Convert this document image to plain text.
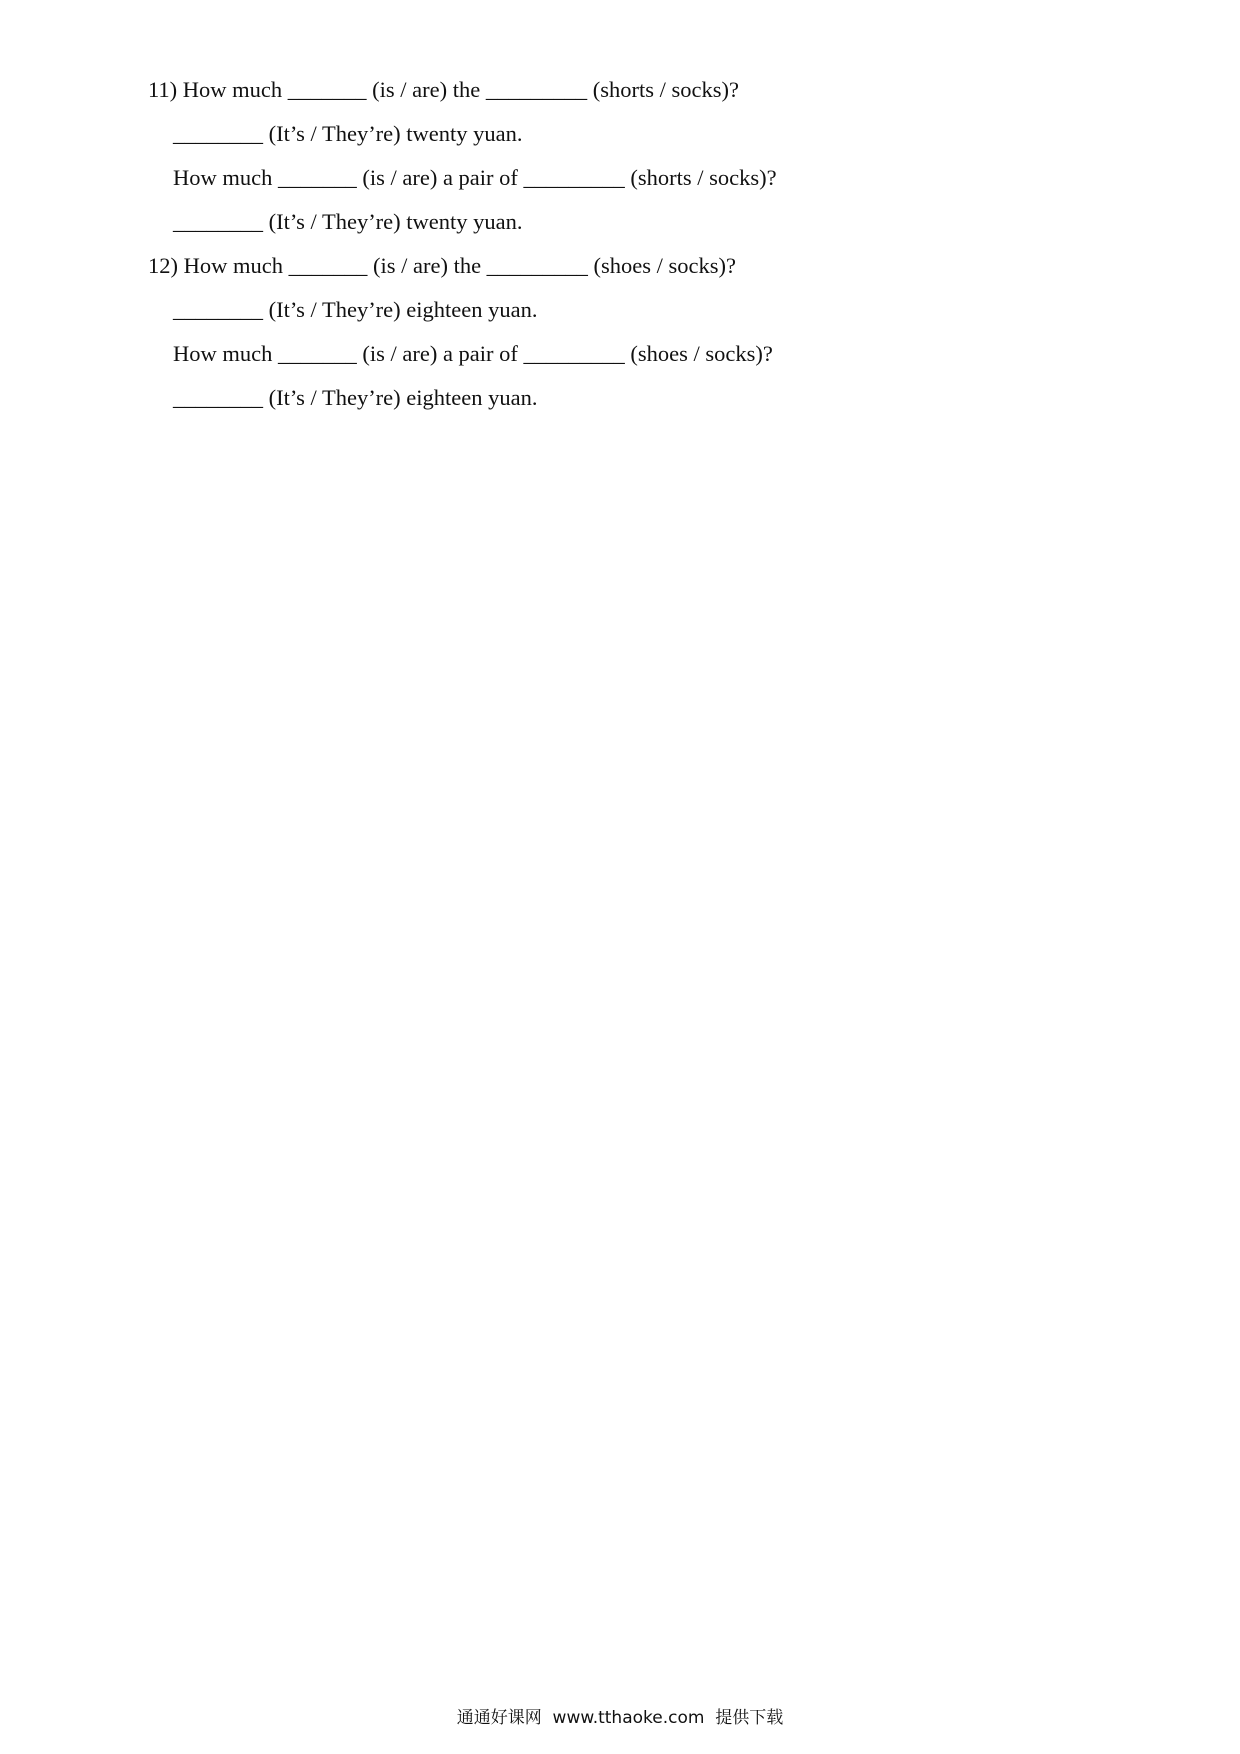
11) How much _______ (is / are) the _________ (shorts / socks)?
________ (It’s / They’re) twenty yuan.
How much _______ (is / are) a pair of _________ (shorts / socks)?
________ (It’s / They’re) twenty yuan.
12) How much _______ (is / are) the _________ (shoes / socks)?
________ (It’s / They’re) eighteen yuan.
How much _______ (is / are) a pair of _________ (shoes / socks)?
________ (It’s / They’re) eighteen yuan.
通通好课网  www.tthaoke.com  提供下载
